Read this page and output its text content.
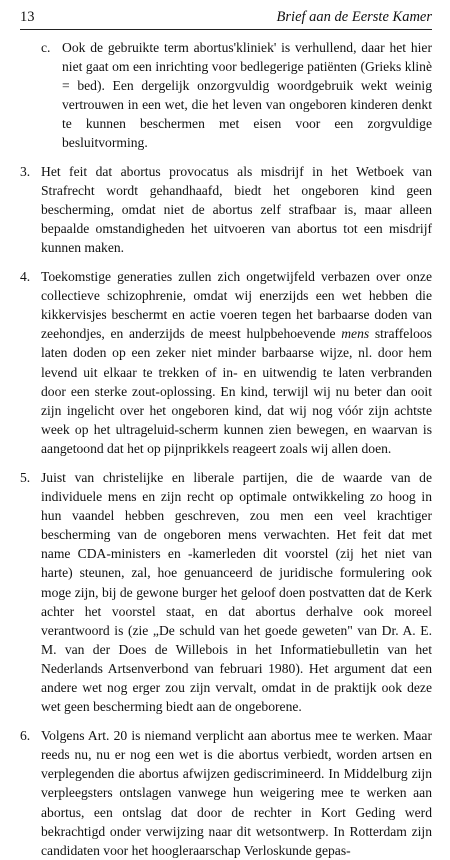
13	Brief aan de Eerste Kamer

c. Ook de gebruikte term abortus'kliniek' is verhullend, daar het hier niet gaat om een inrichting voor bedlegerige patiënten (Grieks klinè = bed). Een dergelijk onzorgvuldig woordgebruik wekt weinig vertrouwen in een wet, die het leven van ongeboren kinderen denkt te kunnen beschermen met eisen voor een zorgvuldige besluitvorming.

3. Het feit dat abortus provocatus als misdrijf in het Wetboek van Strafrecht wordt gehandhaafd, biedt het ongeboren kind geen bescherming, omdat niet de abortus zelf strafbaar is, maar alleen bepaalde omstandigheden het uitvoeren van abortus tot een misdrijf kunnen maken.

4. Toekomstige generaties zullen zich ongetwijfeld verbazen over onze collectieve schizophrenie, omdat wij enerzijds een wet hebben die kikkervisjes beschermt en actie voeren tegen het barbaarse doden van zeehondjes, en anderzijds de meest hulpbehoevende mens straffeloos laten doden op een zeker niet minder barbaarse wijze, nl. door hem levend uit elkaar te trekken of in- en uitwendig te laten verbranden door een sterke zout-oplossing. En kind, terwijl wij nu beter dan ooit zijn ingelicht over het ongeboren kind, dat wij nog vóór zijn achtste week op het ultrageluid-scherm kunnen zien bewegen, en waarvan is aangetoond dat het op pijnprikkels reageert zoals wij allen doen.

5. Juist van christelijke en liberale partijen, die de waarde van de individuele mens en zijn recht op optimale ontwikkeling zo hoog in hun vaandel hebben geschreven, zou men een veel krachtiger bescherming van de ongeboren mens verwachten. Het feit dat met name CDA-ministers en -kamerleden dit voorstel (zij het niet van harte) steunen, zal, hoe genuanceerd de juridische formulering ook moge zijn, bij de gewone burger het geloof doen postvatten dat de Kerk achter het voorstel staat, en dat abortus derhalve ook moreel verantwoord is (zie „De schuld van het goede geweten" van Dr. A. E. M. van der Does de Willebois in het Informatiebulletin van het Nederlands Artsenverbond van februari 1980). Het argument dat een andere wet nog erger zou zijn vervalt, omdat in de praktijk ook deze wet geen bescherming biedt aan de ongeborene.

6. Volgens Art. 20 is niemand verplicht aan abortus mee te werken. Maar reeds nu, nu er nog een wet is die abortus verbiedt, worden artsen en verplegenden die abortus afwijzen gediscrimineerd. In Middelburg zijn verpleegsters ontslagen vanwege hun weigering mee te werken aan abortus, een ontslag dat door de rechter in Kort Geding werd bekrachtigd onder verwijzing naar dit wetsontwerp. In Rotterdam zijn candidaten voor het hoogleraarschap Verloskunde gepas-
